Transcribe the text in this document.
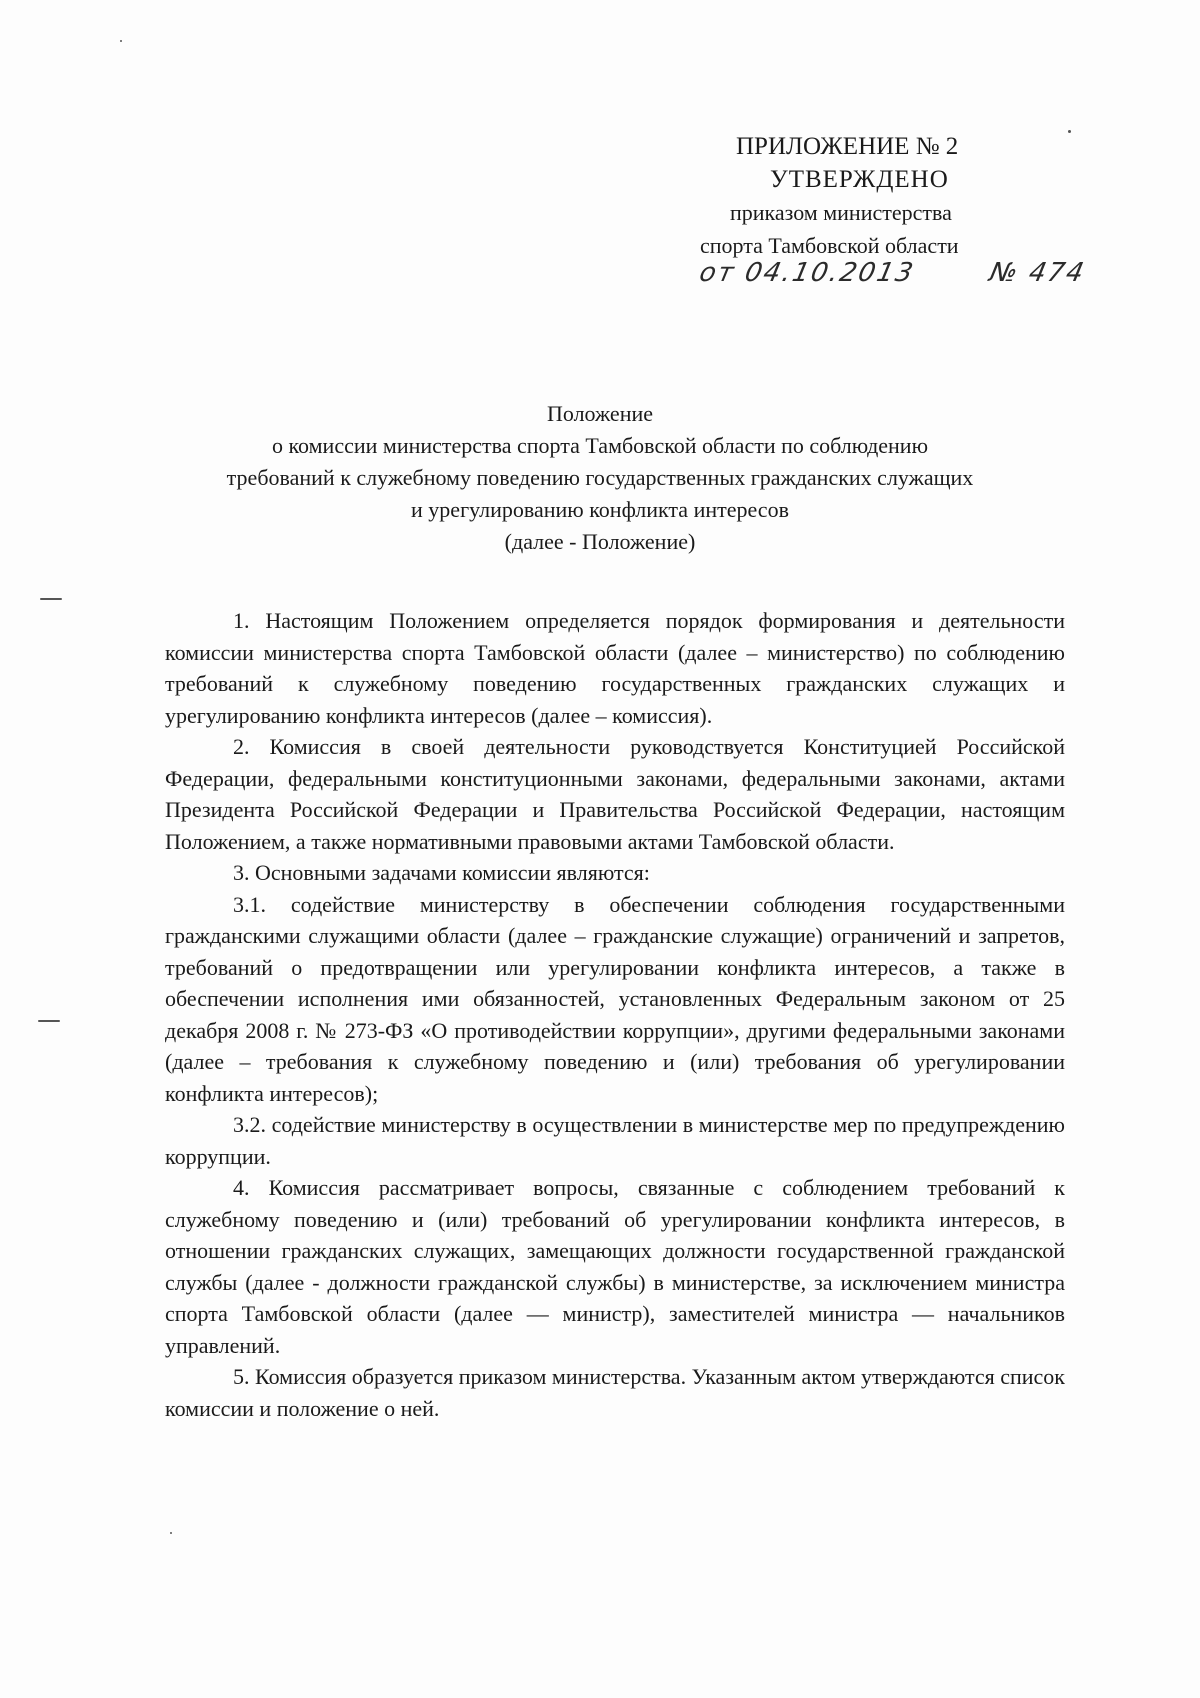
ПРИЛОЖЕНИЕ № 2
УТВЕРЖДЕНО
приказом министерства
спорта Тамбовской области
от 04.10.2013	№ 474
Положение
о комиссии министерства спорта Тамбовской области по соблюдению
требований к служебному поведению государственных гражданских служащих
и урегулированию конфликта интересов
(далее - Положение)

1. Настоящим Положением определяется порядок формирования и деятельности комиссии министерства спорта Тамбовской области (далее – министерство) по соблюдению требований к служебному поведению государственных гражданских служащих и урегулированию конфликта интересов (далее – комиссия).

2. Комиссия в своей деятельности руководствуется Конституцией Российской Федерации, федеральными конституционными законами, федеральными законами, актами Президента Российской Федерации и Правительства Российской Федерации, настоящим Положением, а также нормативными правовыми актами Тамбовской области.

3. Основными задачами комиссии являются:

3.1. содействие министерству в обеспечении соблюдения государственными гражданскими служащими области (далее – гражданские служащие) ограничений и запретов, требований о предотвращении или урегулировании конфликта интересов, а также в обеспечении исполнения ими обязанностей, установленных Федеральным законом от 25 декабря 2008 г. № 273-ФЗ «О противодействии коррупции», другими федеральными законами (далее – требования к служебному поведению и (или) требования об урегулировании конфликта интересов);

3.2. содействие министерству в осуществлении в министерстве мер по предупреждению коррупции.

4. Комиссия рассматривает вопросы, связанные с соблюдением требований к служебному поведению и (или) требований об урегулировании конфликта интересов, в отношении гражданских служащих, замещающих должности государственной гражданской службы (далее - должности гражданской службы) в министерстве, за исключением министра спорта Тамбовской области (далее — министр), заместителей министра — начальников управлений.

5. Комиссия образуется приказом министерства. Указанным актом утверждаются список комиссии и положение о ней.
